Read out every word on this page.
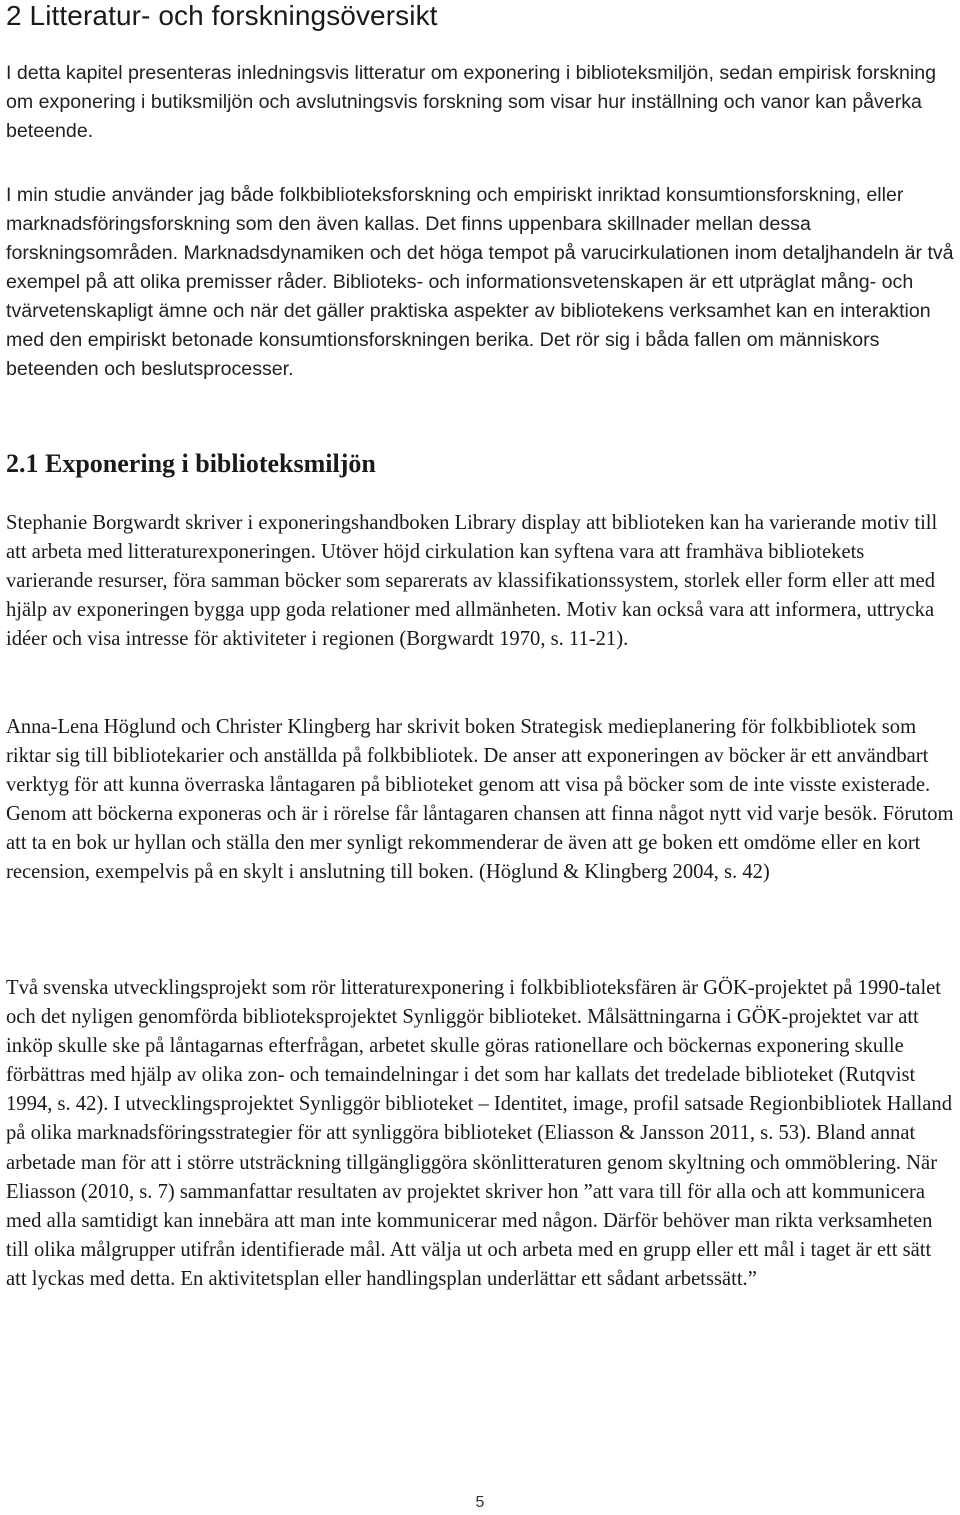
2 Litteratur- och forskningsöversikt

I detta kapitel presenteras inledningsvis litteratur om exponering i biblioteksmiljön, sedan empirisk forskning om exponering i butiksmiljön och avslutningsvis forskning som visar hur inställning och vanor kan påverka beteende.

I min studie använder jag både folkbiblioteksforskning och empiriskt inriktad konsumtionsforskning, eller marknadsföringsforskning som den även kallas. Det finns uppenbara skillnader mellan dessa forskningsområden. Marknadsdynamiken och det höga tempot på varucirkulationen inom detaljhandeln är två exempel på att olika premisser råder. Biblioteks- och informationsvetenskapen är ett utpräglat mång- och tvärvetenskapligt ämne och när det gäller praktiska aspekter av bibliotekens verksamhet kan en interaktion med den empiriskt betonade konsumtionsforskningen berika. Det rör sig i båda fallen om människors beteenden och beslutsprocesser.

2.1 Exponering i biblioteksmiljön

Stephanie Borgwardt skriver i exponeringshandboken Library display att biblioteken kan ha varierande motiv till att arbeta med litteraturexponeringen. Utöver höjd cirkulation kan syftena vara att framhäva bibliotekets varierande resurser, föra samman böcker som separerats av klassifikationssystem, storlek eller form eller att med hjälp av exponeringen bygga upp goda relationer med allmänheten. Motiv kan också vara att informera, uttrycka idéer och visa intresse för aktiviteter i regionen (Borgwardt 1970, s. 11-21).

Anna-Lena Höglund och Christer Klingberg har skrivit boken Strategisk medieplanering för folkbibliotek som riktar sig till bibliotekarier och anställda på folkbibliotek. De anser att exponeringen av böcker är ett användbart verktyg för att kunna överraska låntagaren på biblioteket genom att visa på böcker som de inte visste existerade. Genom att böckerna exponeras och är i rörelse får låntagaren chansen att finna något nytt vid varje besök. Förutom att ta en bok ur hyllan och ställa den mer synligt rekommenderar de även att ge boken ett omdöme eller en kort recension, exempelvis på en skylt i anslutning till boken. (Höglund & Klingberg 2004, s. 42)

Två svenska utvecklingsprojekt som rör litteraturexponering i folkbiblioteksfären är GÖK-projektet på 1990-talet och det nyligen genomförda biblioteksprojektet Synliggör biblioteket. Målsättningarna i GÖK-projektet var att inköp skulle ske på låntagarnas efterfrågan, arbetet skulle göras rationellare och böckernas exponering skulle förbättras med hjälp av olika zon- och temaindelningar i det som har kallats det tredelade biblioteket (Rutqvist 1994, s. 42). I utvecklingsprojektet Synliggör biblioteket – Identitet, image, profil satsade Regionbibliotek Halland på olika marknadsföringsstrategier för att synliggöra biblioteket (Eliasson & Jansson 2011, s. 53). Bland annat arbetade man för att i större utsträckning tillgängliggöra skönlitteraturen genom skyltning och ommöblering. När Eliasson (2010, s. 7) sammanfattar resultaten av projektet skriver hon ”att vara till för alla och att kommunicera med alla samtidigt kan innebära att man inte kommunicerar med någon. Därför behöver man rikta verksamheten till olika målgrupper utifrån identifierade mål. Att välja ut och arbeta med en grupp eller ett mål i taget är ett sätt att lyckas med detta. En aktivitetsplan eller handlingsplan underlättar ett sådant arbetssätt.”

5
